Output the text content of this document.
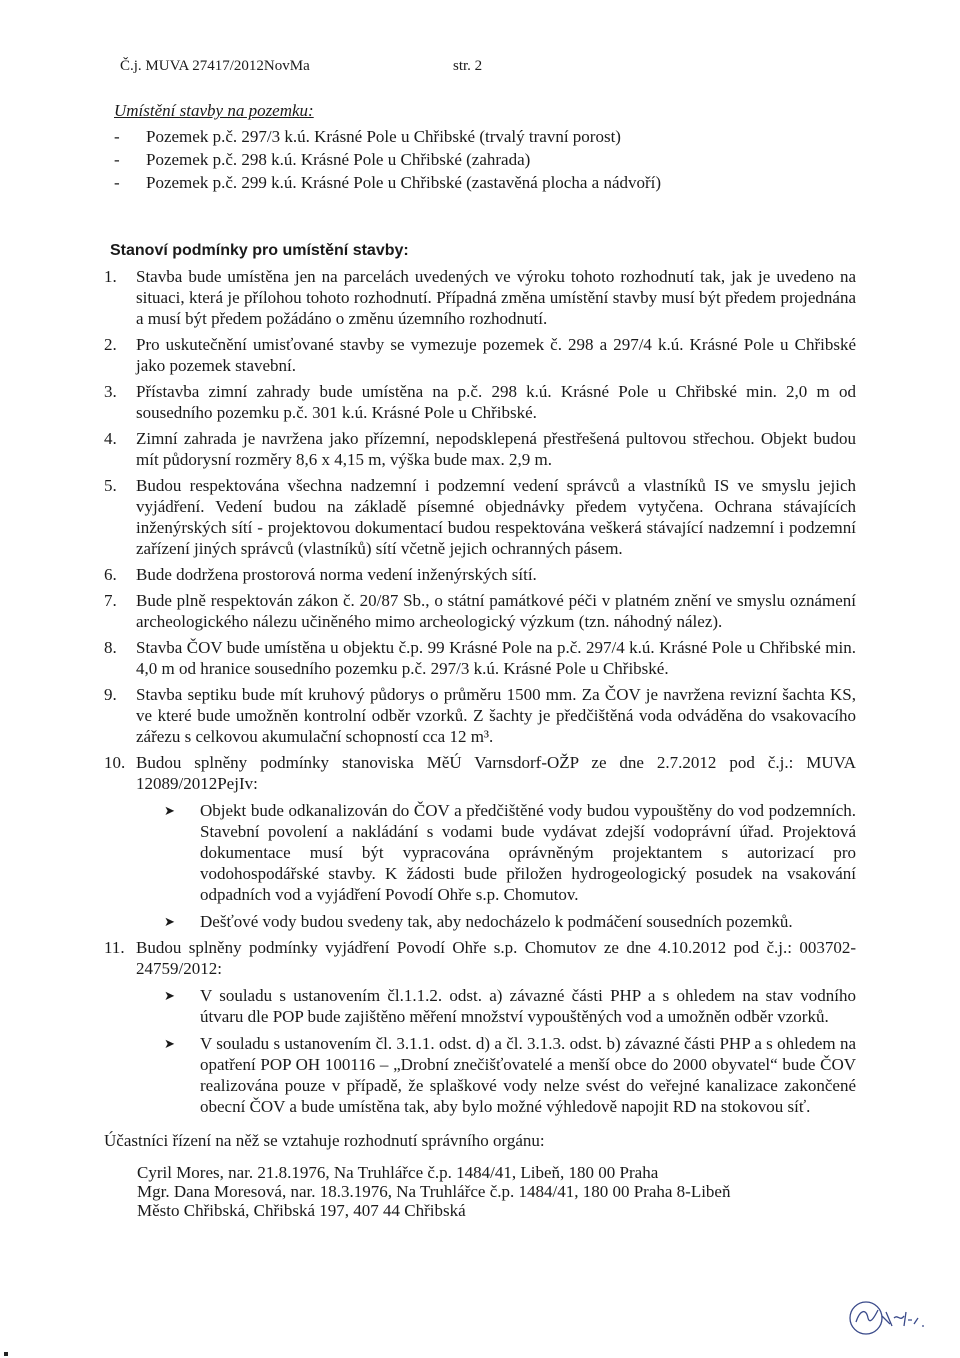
Č.j. MUVA 27417/2012NovMa	str. 2
Umístění stavby na pozemku:
- Pozemek p.č. 297/3 k.ú. Krásné Pole u Chřibské (trvalý travní porost)
- Pozemek p.č. 298 k.ú. Krásné Pole u Chřibské (zahrada)
- Pozemek p.č. 299 k.ú. Krásné Pole u Chřibské (zastavěná plocha a nádvoří)
Stanoví podmínky pro umístění stavby:
1.	Stavba bude umístěna jen na parcelách uvedených ve výroku tohoto rozhodnutí tak, jak je uvedeno na situaci, která je přílohou tohoto rozhodnutí. Případná změna umístění stavby musí být předem projednána a musí být předem požádáno o změnu územního rozhodnutí.
2.	Pro uskutečnění umisťované stavby se vymezuje pozemek č. 298 a 297/4 k.ú. Krásné Pole u Chřibské jako pozemek stavební.
3.	Přístavba zimní zahrady bude umístěna na p.č. 298 k.ú. Krásné Pole u Chřibské min. 2,0 m od sousedního pozemku p.č. 301 k.ú. Krásné Pole u Chřibské.
4.	Zimní zahrada je navržena jako přízemní, nepodsklepená přestřešená pultovou střechou. Objekt budou mít půdorysní rozměry 8,6 x 4,15 m, výška bude max. 2,9 m.
5.	Budou respektována všechna nadzemní i podzemní vedení správců a vlastníků IS ve smyslu jejich vyjádření. Vedení budou na základě písemné objednávky předem vytyčena. Ochrana stávajících inženýrských sítí - projektovou dokumentací budou respektována veškerá stávající nadzemní i podzemní zařízení jiných správců (vlastníků) sítí včetně jejich ochranných pásem.
6.	Bude dodržena prostorová norma vedení inženýrských sítí.
7.	Bude plně respektován zákon č. 20/87 Sb., o státní památkové péči v platném znění ve smyslu oznámení archeologického nálezu učiněného mimo archeologický výzkum (tzn. náhodný nález).
8.	Stavba ČOV bude umístěna u objektu č.p. 99 Krásné Pole na p.č. 297/4 k.ú. Krásné Pole u Chřibské min. 4,0 m od hranice sousedního pozemku p.č. 297/3 k.ú. Krásné Pole u Chřibské.
9.	Stavba septiku bude mít kruhový půdorys o průměru 1500 mm. Za ČOV je navržena revizní šachta KS, ve které bude umožněn kontrolní odběr vzorků. Z šachty je předčištěná voda odváděna do vsakovacího zářezu s celkovou akumulační schopností cca 12 m³.
10. Budou splněny podmínky stanoviska MěÚ Varnsdorf-OŽP ze dne 2.7.2012 pod č.j.: MUVA 12089/2012PejIv:
➤ Objekt bude odkanalizován do ČOV a předčištěné vody budou vypouštěny do vod podzemních. Stavební povolení a nakládání s vodami bude vydávat zdejší vodoprávní úřad. Projektová dokumentace musí být vypracována oprávněným projektantem s autorizací pro vodohospodářské stavby. K žádosti bude přiložen hydrogeologický posudek na vsakování odpadních vod a vyjádření Povodí Ohře s.p. Chomutov.
➤ Dešťové vody budou svedeny tak, aby nedocházelo k podmáčení sousedních pozemků.
11. Budou splněny podmínky vyjádření Povodí Ohře s.p. Chomutov ze dne 4.10.2012 pod č.j.: 003702-24759/2012:
➤ V souladu s ustanovením čl.1.1.2. odst. a) závazné části PHP a s ohledem na stav vodního útvaru dle POP bude zajištěno měření množství vypouštěných vod a umožněn odběr vzorků.
➤ V souladu s ustanovením čl. 3.1.1. odst. d) a čl. 3.1.3. odst. b) závazné části PHP a s ohledem na opatření POP OH 100116 – „Drobní znečišťovatelé a menší obce do 2000 obyvatel“ bude ČOV realizována pouze v případě, že splaškové vody nelze svést do veřejné kanalizace zakončené obecní ČOV a bude umístěna tak, aby bylo možné výhledově napojit RD na stokovou síť.
Účastníci řízení na něž se vztahuje rozhodnutí správního orgánu:
Cyril Mores, nar. 21.8.1976, Na Truhlářce č.p. 1484/41, Libeň, 180 00 Praha
Mgr. Dana Moresová, nar. 18.3.1976, Na Truhlářce č.p. 1484/41, 180 00 Praha 8-Libeň
Město Chřibská, Chřibská 197, 407 44 Chřibská
